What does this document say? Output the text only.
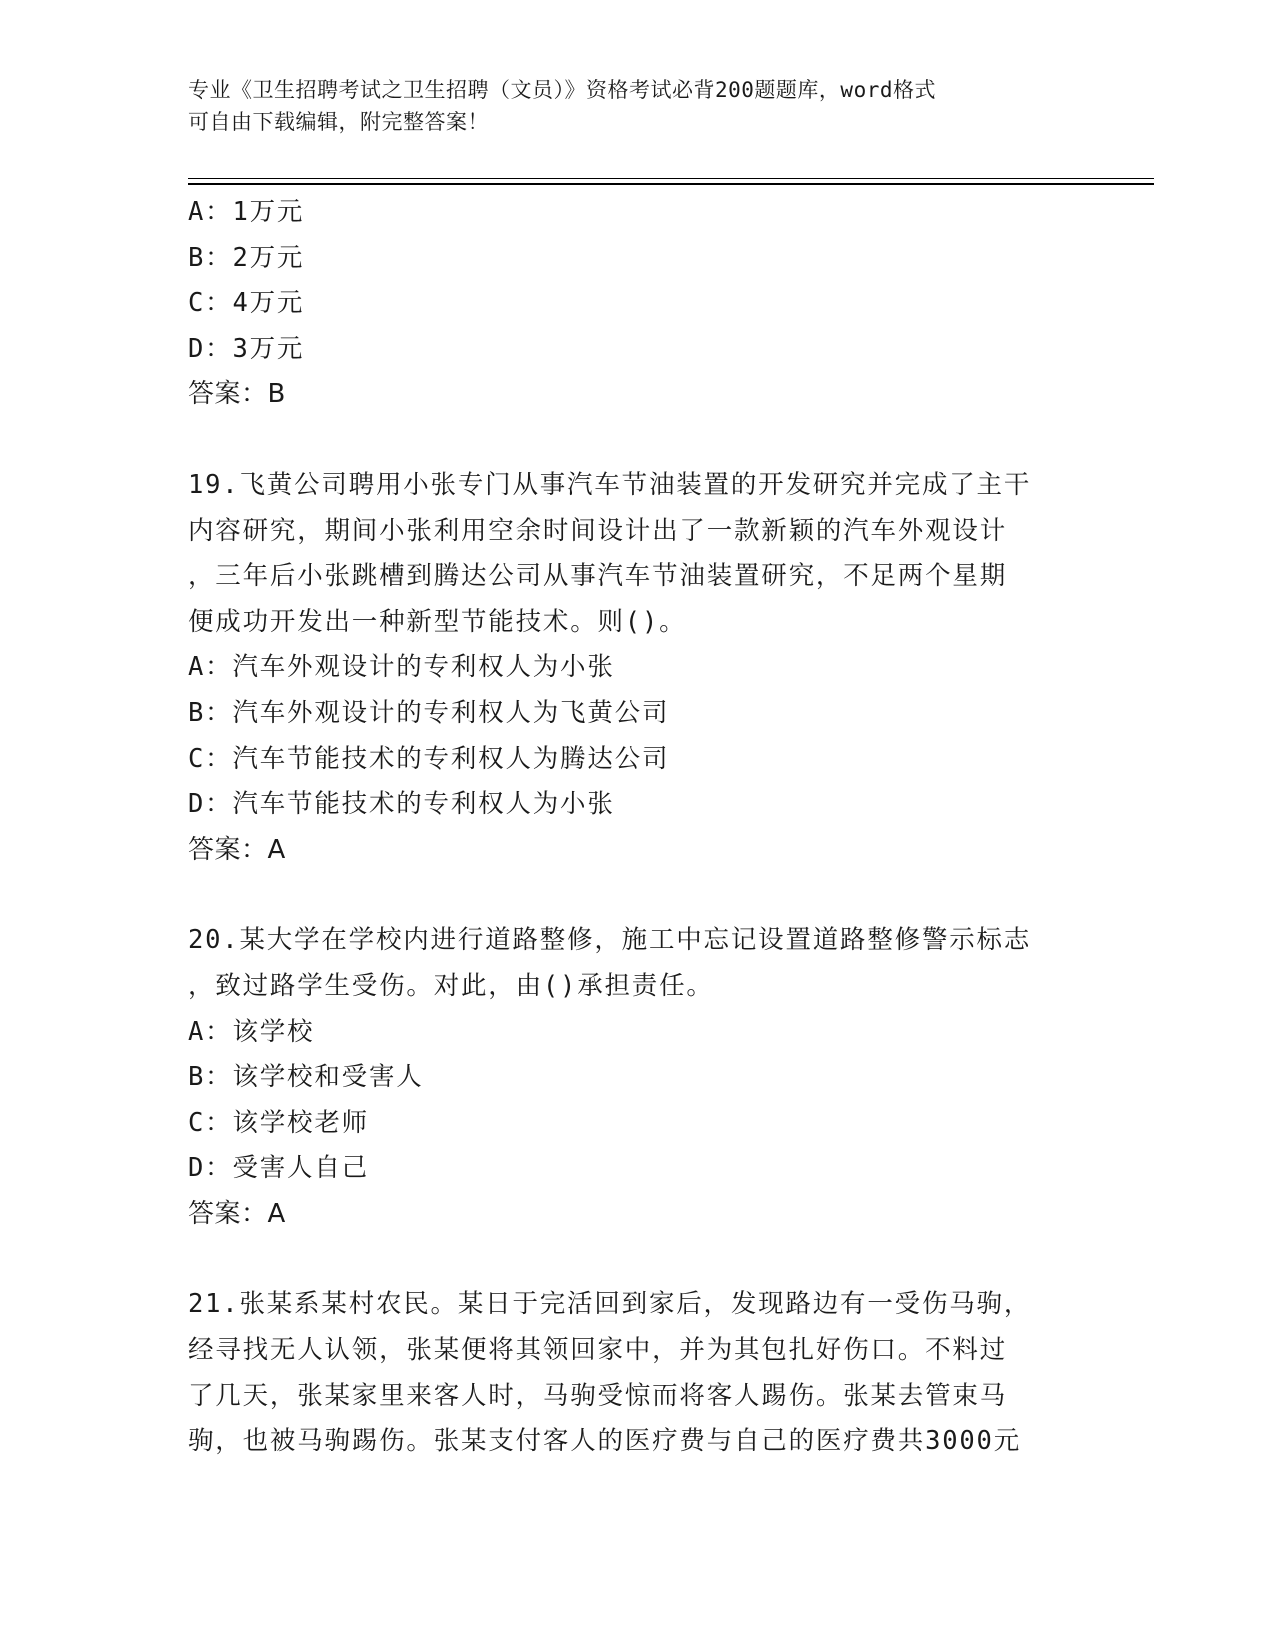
专业《卫生招聘考试之卫生招聘（文员）》资格考试必背200题题库，word格式
可自由下载编辑，附完整答案！
A：1万元
B：2万元
C：4万元
D：3万元
答案：B
19.飞黄公司聘用小张专门从事汽车节油装置的开发研究并完成了主干
内容研究，期间小张利用空余时间设计出了一款新颖的汽车外观设计
，三年后小张跳槽到腾达公司从事汽车节油装置研究，不足两个星期
便成功开发出一种新型节能技术。则()。
A：汽车外观设计的专利权人为小张
B：汽车外观设计的专利权人为飞黄公司
C：汽车节能技术的专利权人为腾达公司
D：汽车节能技术的专利权人为小张
答案：A
20.某大学在学校内进行道路整修，施工中忘记设置道路整修警示标志
，致过路学生受伤。对此，由()承担责任。
A：该学校
B：该学校和受害人
C：该学校老师
D：受害人自己
答案：A
21.张某系某村农民。某日于完活回到家后，发现路边有一受伤马驹，
经寻找无人认领，张某便将其领回家中，并为其包扎好伤口。不料过
了几天，张某家里来客人时，马驹受惊而将客人踢伤。张某去管束马
驹，也被马驹踢伤。张某支付客人的医疗费与自己的医疗费共3000元
